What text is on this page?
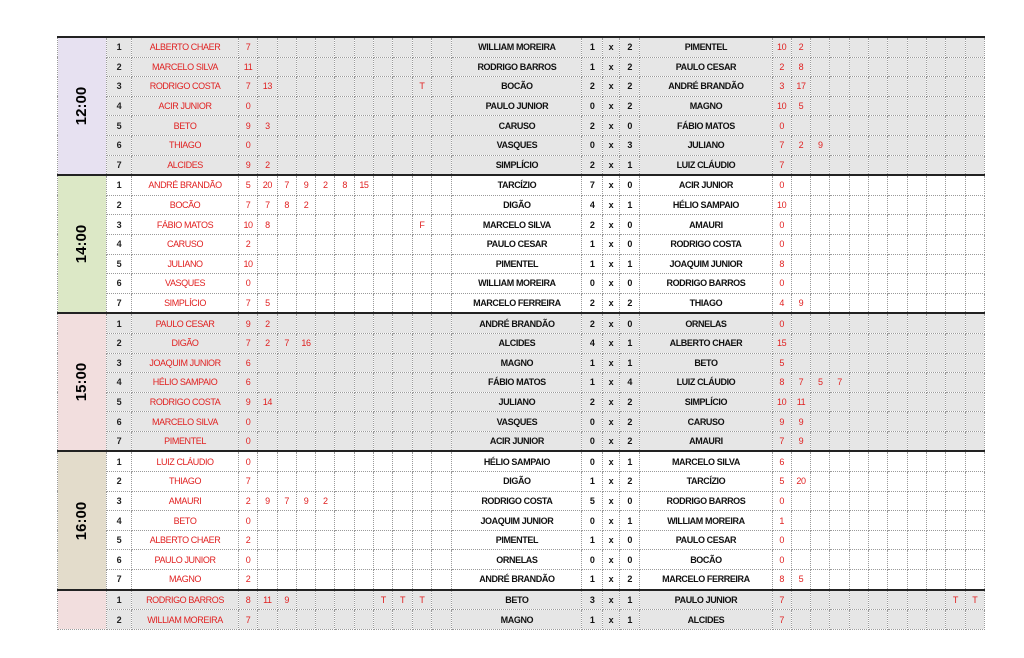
12:00	1	ALBERTO CHAER	7											WILLIAM MOREIRA	1	x	2	PIMENTEL	10	2									
	2	MARCELO SILVA	11											RODRIGO BARROS	1	x	2	PAULO CESAR	2	8									
	3	RODRIGO COSTA	7	13								T		BOCÃO	2	x	2	ANDRÉ BRANDÃO	3	17									
	4	ACIR JUNIOR	0											PAULO JUNIOR	0	x	2	MAGNO	10	5									
	5	BETO	9	3										CARUSO	2	x	0	FÁBIO MATOS	0										
	6	THIAGO	0											VASQUES	0	x	3	JULIANO	7	2	9								
	7	ALCIDES	9	2										SIMPLÍCIO	2	x	1	LUIZ CLÁUDIO	7										
14:00	1	ANDRÉ BRANDÃO	5	20	7	9	2	8	15					TARCÍZIO	7	x	0	ACIR JUNIOR	0										
	2	BOCÃO	7	7	8	2								DIGÃO	4	x	1	HÉLIO SAMPAIO	10										
	3	FÁBIO MATOS	10	8								F		MARCELO SILVA	2	x	0	AMAURI	0										
	4	CARUSO	2											PAULO CESAR	1	x	0	RODRIGO COSTA	0										
	5	JULIANO	10											PIMENTEL	1	x	1	JOAQUIM JUNIOR	8										
	6	VASQUES	0											WILLIAM MOREIRA	0	x	0	RODRIGO BARROS	0										
	7	SIMPLÍCIO	7	5										MARCELO FERREIRA	2	x	2	THIAGO	4	9									
15:00	1	PAULO CESAR	9	2										ANDRÉ BRANDÃO	2	x	0	ORNELAS	0										
	2	DIGÃO	7	2	7	16								ALCIDES	4	x	1	ALBERTO CHAER	15										
	3	JOAQUIM JUNIOR	6											MAGNO	1	x	1	BETO	5										
	4	HÉLIO SAMPAIO	6											FÁBIO MATOS	1	x	4	LUIZ CLÁUDIO	8	7	5	7							
	5	RODRIGO COSTA	9	14										JULIANO	2	x	2	SIMPLÍCIO	10	11									
	6	MARCELO SILVA	0											VASQUES	0	x	2	CARUSO	9	9									
	7	PIMENTEL	0											ACIR JUNIOR	0	x	2	AMAURI	7	9									
16:00	1	LUIZ CLÁUDIO	0											HÉLIO SAMPAIO	0	x	1	MARCELO SILVA	6										
	2	THIAGO	7											DIGÃO	1	x	2	TARCÍZIO	5	20									
	3	AMAURI	2	9	7	9	2							RODRIGO COSTA	5	x	0	RODRIGO BARROS	0										
	4	BETO	0											JOAQUIM JUNIOR	0	x	1	WILLIAM MOREIRA	1										
	5	ALBERTO CHAER	2											PIMENTEL	1	x	0	PAULO CESAR	0										
	6	PAULO JUNIOR	0											ORNELAS	0	x	0	BOCÃO	0										
	7	MAGNO	2											ANDRÉ BRANDÃO	1	x	2	MARCELO FERREIRA	8	5									
	1	RODRIGO BARROS	8	11	9					T	T	T		BETO	3	x	1	PAULO JUNIOR	7									T	T
	2	WILLIAM MOREIRA	7											MAGNO	1	x	1	ALCIDES	7										
